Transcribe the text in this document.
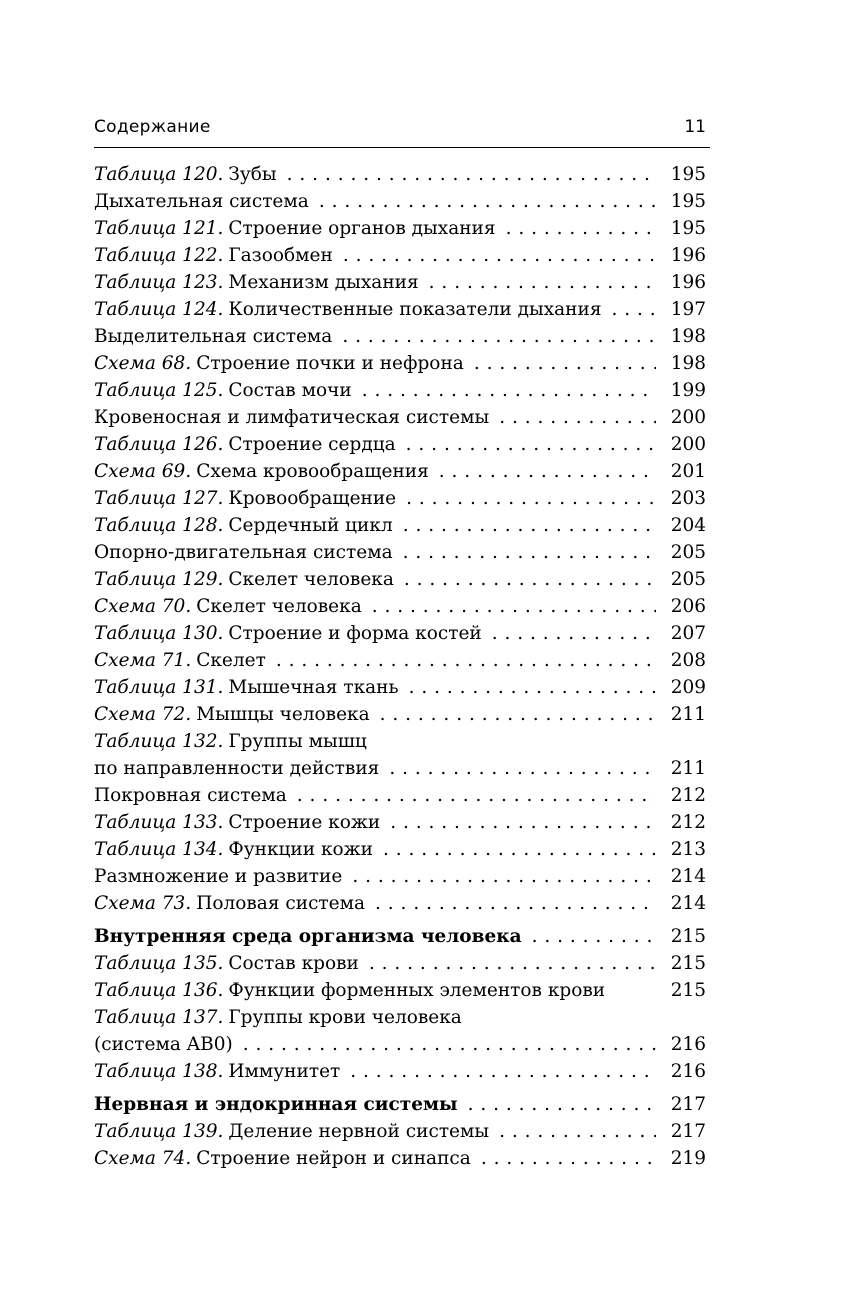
Содержание	11
Таблица 120. Зубы . . .	195
Дыхательная система . . .	195
Таблица 121. Строение органов дыхания . . .	195
Таблица 122. Газообмен . . .	196
Таблица 123. Механизм дыхания . . .	196
Таблица 124. Количественные показатели дыхания . . .	197
Выделительная система . . .	198
Схема 68. Строение почки и нефрона . . .	198
Таблица 125. Состав мочи . . .	199
Кровеносная и лимфатическая системы . . .	200
Таблица 126. Строение сердца . . .	200
Схема 69. Схема кровообращения . . .	201
Таблица 127. Кровообращение . . .	203
Таблица 128. Сердечный цикл . . .	204
Опорно-двигательная система . . .	205
Таблица 129. Скелет человека . . .	205
Схема 70. Скелет человека . . .	206
Таблица 130. Строение и форма костей . . .	207
Схема 71. Скелет . . .	208
Таблица 131. Мышечная ткань . . .	209
Схема 72. Мышцы человека . . .	211
Таблица 132. Группы мышц
по направленности действия . . .	211
Покровная система . . .	212
Таблица 133. Строение кожи . . .	212
Таблица 134. Функции кожи . . .	213
Размножение и развитие . . .	214
Схема 73. Половая система . . .	214
Внутренняя среда организма человека . . .	215
Таблица 135. Состав крови . . .	215
Таблица 136. Функции форменных элементов крови	215
Таблица 137. Группы крови человека
(система AB0) . . .	216
Таблица 138. Иммунитет . . .	216
Нервная и эндокринная системы . . .	217
Таблица 139. Деление нервной системы . . .	217
Схема 74. Строение нейрон и синапса . . .	219
